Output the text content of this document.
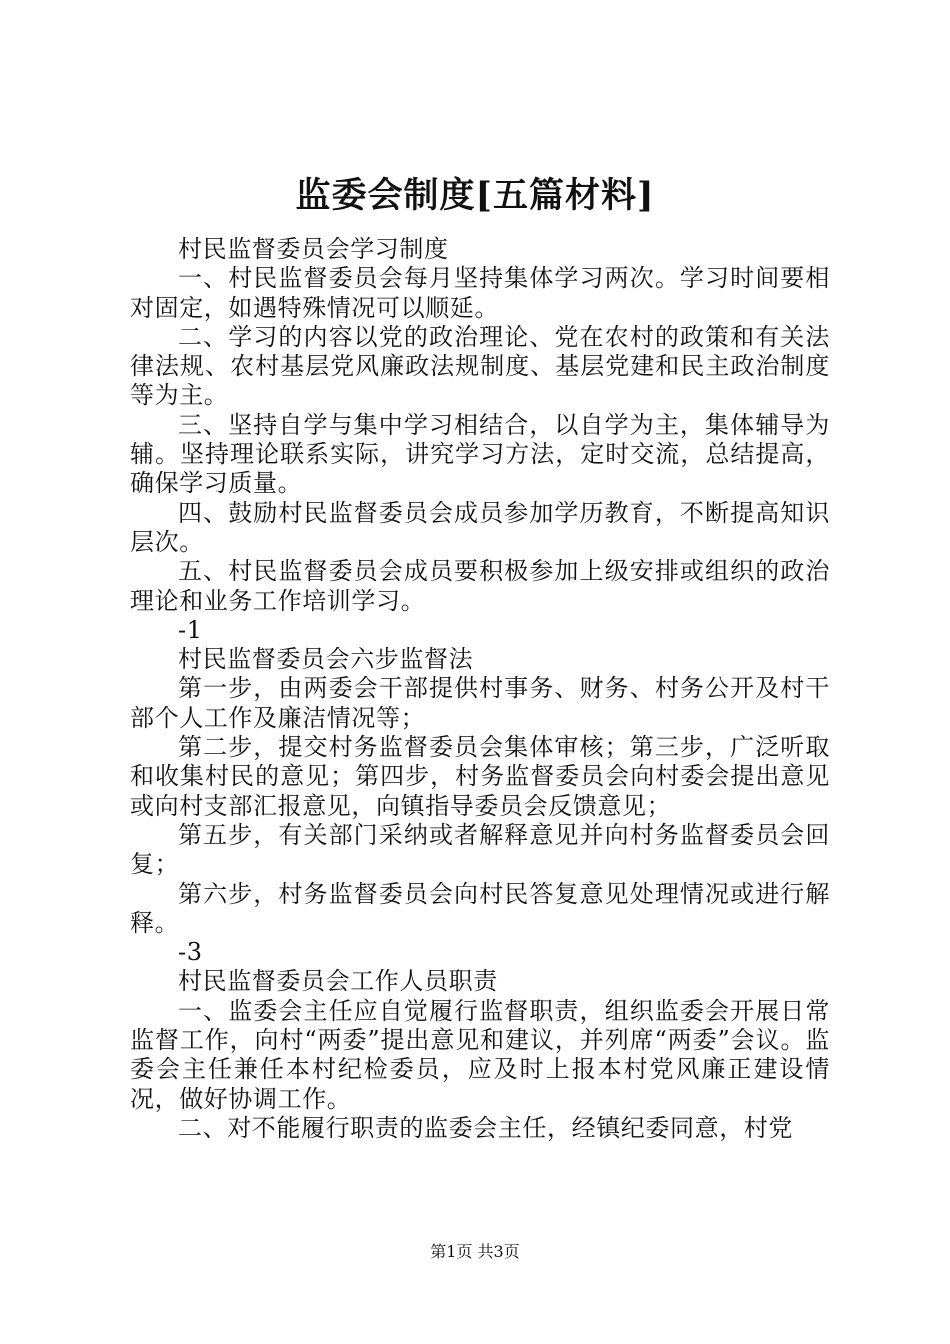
监委会制度[五篇材料]

村民监督委员会学习制度

一、村民监督委员会每月坚持集体学习两次。学习时间要相对固定，如遇特殊情况可以顺延。

二、学习的内容以党的政治理论、党在农村的政策和有关法律法规、农村基层党风廉政法规制度、基层党建和民主政治制度等为主。

三、坚持自学与集中学习相结合，以自学为主，集体辅导为辅。坚持理论联系实际，讲究学习方法，定时交流，总结提高，确保学习质量。

四、鼓励村民监督委员会成员参加学历教育，不断提高知识层次。

五、村民监督委员会成员要积极参加上级安排或组织的政治理论和业务工作培训学习。

-1

村民监督委员会六步监督法

第一步，由两委会干部提供村事务、财务、村务公开及村干部个人工作及廉洁情况等；

第二步，提交村务监督委员会集体审核；第三步，广泛听取和收集村民的意见；第四步，村务监督委员会向村委会提出意见或向村支部汇报意见，向镇指导委员会反馈意见；

第五步，有关部门采纳或者解释意见并向村务监督委员会回复；

第六步，村务监督委员会向村民答复意见处理情况或进行解释。

-3

村民监督委员会工作人员职责

一、监委会主任应自觉履行监督职责，组织监委会开展日常监督工作，向村“两委”提出意见和建议，并列席“两委”会议。监委会主任兼任本村纪检委员，应及时上报本村党风廉正建设情况，做好协调工作。

二、对不能履行职责的监委会主任，经镇纪委同意，村党

第1页 共3页
